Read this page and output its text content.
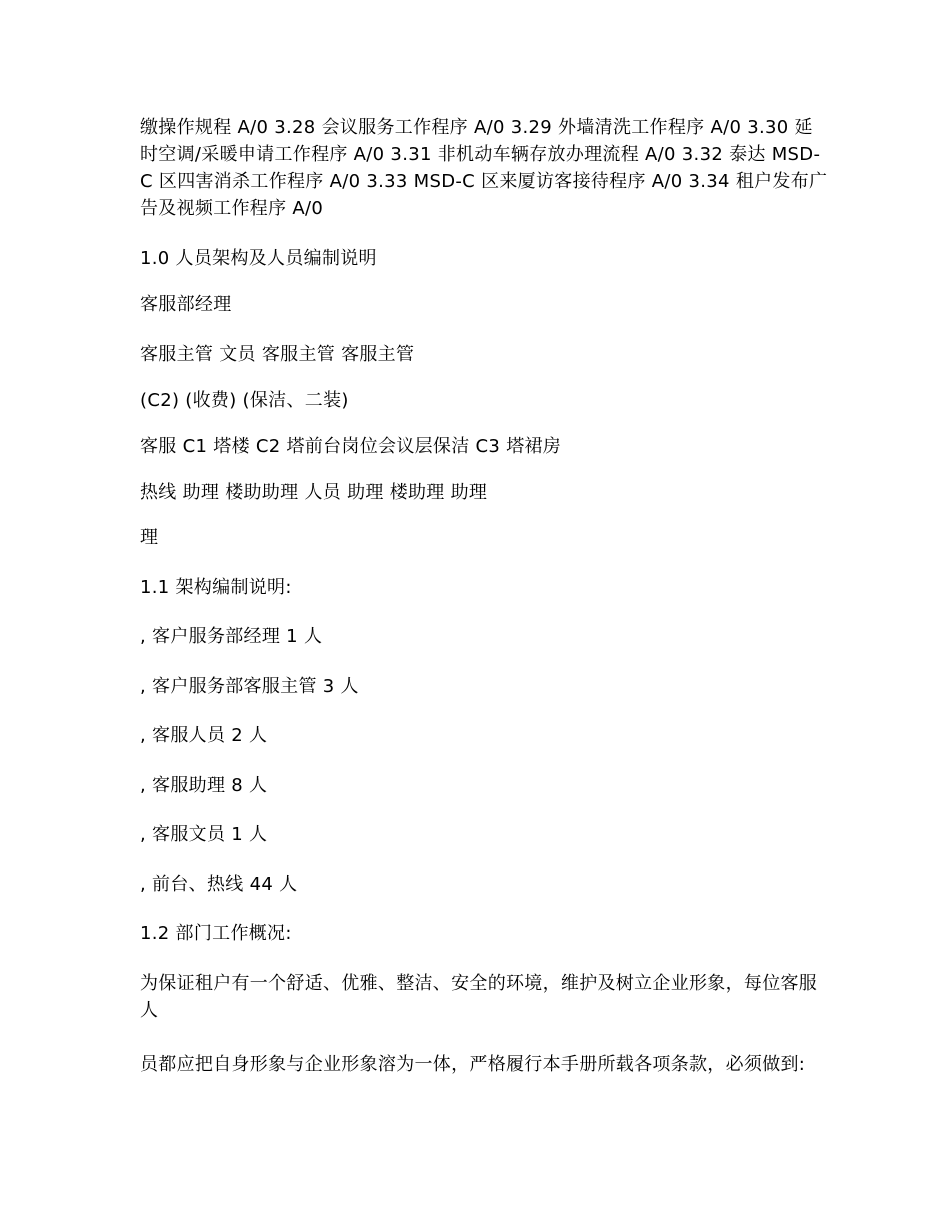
缴操作规程 A/0 3.28 会议服务工作程序 A/0 3.29 外墙清洗工作程序 A/0 3.30 延时空调/采暖申请工作程序 A/0 3.31 非机动车辆存放办理流程 A/0 3.32 泰达 MSD-C 区四害消杀工作程序 A/0 3.33 MSD-C 区来厦访客接待程序 A/0 3.34 租户发布广告及视频工作程序 A/0

1.0 人员架构及人员编制说明

客服部经理

客服主管 文员 客服主管 客服主管

(C2) (收费) (保洁、二装)

客服 C1 塔楼 C2 塔前台岗位会议层保洁 C3 塔裙房

热线 助理 楼助助理 人员 助理 楼助理 助理

理

1.1 架构编制说明:

, 客户服务部经理 1 人

, 客户服务部客服主管 3 人

, 客服人员 2 人

, 客服助理 8 人

, 客服文员 1 人

, 前台、热线 44 人

1.2 部门工作概况:

为保证租户有一个舒适、优雅、整洁、安全的环境，维护及树立企业形象，每位客服人

员都应把自身形象与企业形象溶为一体，严格履行本手册所载各项条款，必须做到:
